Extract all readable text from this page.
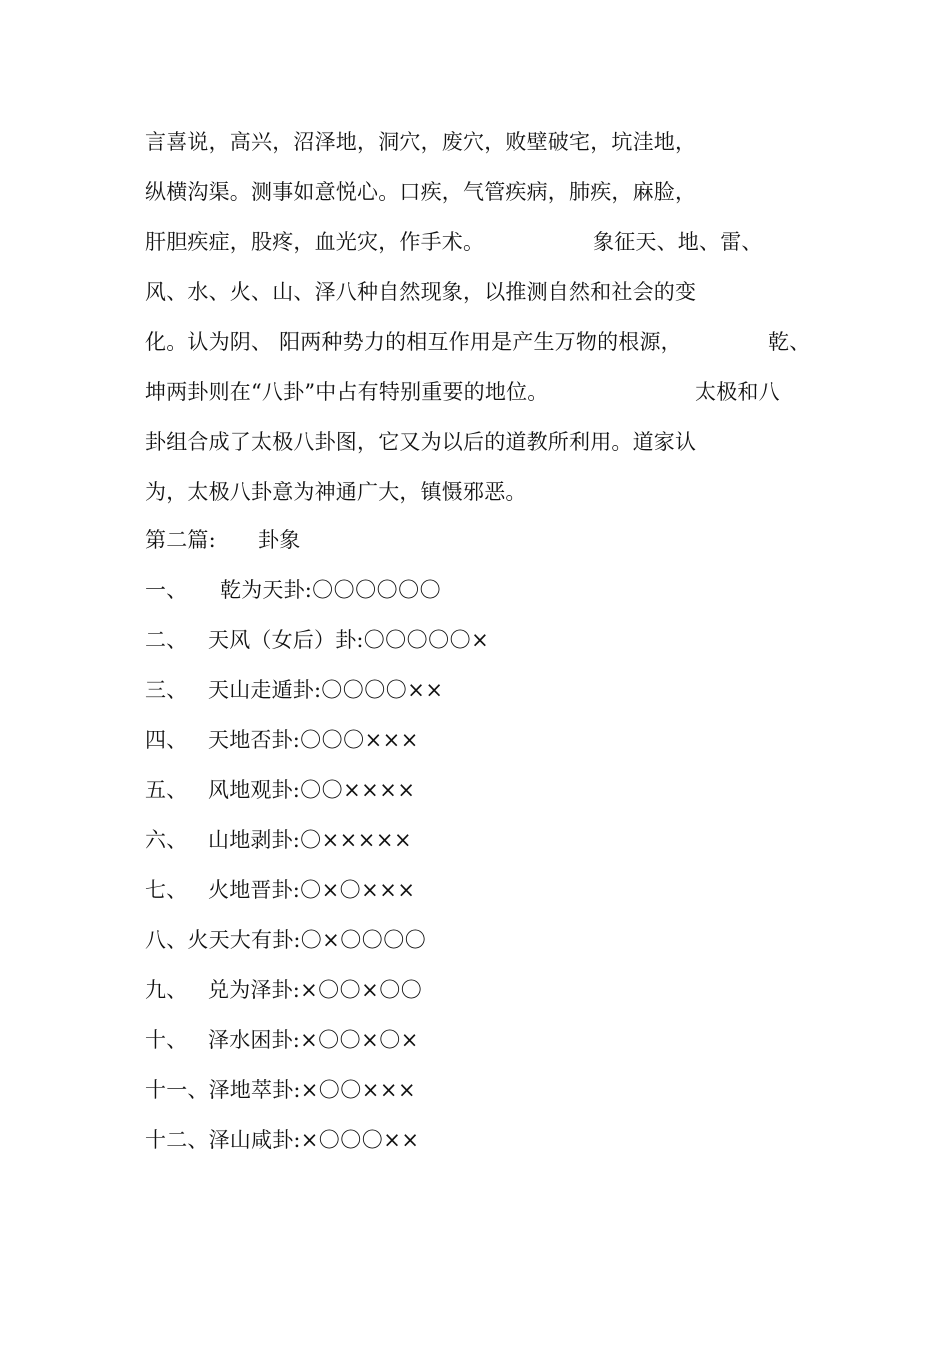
言喜说，高兴，沼泽地，洞穴，废穴，败壁破宅，坑洼地，
纵横沟渠。测事如意悦心。口疾，气管疾病，肺疾，麻脸，
肝胆疾症，股疼，血光灾，作手术。	象征天、地、雷、
风、水、火、山、泽八种自然现象，以推测自然和社会的变
化。认为阴、 阳两种势力的相互作用是产生万物的根源，	乾、
坤两卦则在“八卦”中占有特别重要的地位。	太极和八
卦组合成了太极八卦图，它又为以后的道教所利用。道家认
为，太极八卦意为神通广大，镇慑邪恶。
第二篇: 卦象
一、 乾为天卦:〇〇〇〇〇〇
二、 天风（女后）卦:〇〇〇〇〇×
三、 天山走遁卦:〇〇〇〇××
四、 天地否卦:〇〇〇×××
五、 风地观卦:〇〇××××
六、 山地剥卦:〇×××××
七、 火地晋卦:〇×〇×××
八、火天大有卦:〇×〇〇〇〇
九、 兑为泽卦:×〇〇×〇〇
十、 泽水困卦:×〇〇×〇×
十一、泽地萃卦:×〇〇×××
十二、泽山咸卦:×〇〇〇××
